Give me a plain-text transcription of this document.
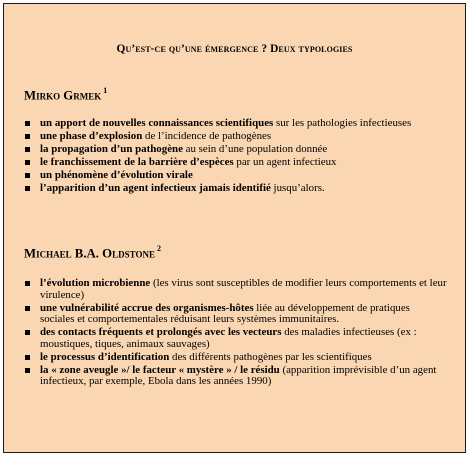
Qu’est-ce qu’une émergence ? Deux typologies
Mirko Grmek $^1$
un apport de nouvelles connaissances scientifiques sur les pathologies infectieuses
une phase d’explosion de l’incidence de pathogènes
la propagation d’un pathogène au sein d’une population donnée
le franchissement de la barrière d’espèces par un agent infectieux
un phénomène d’évolution virale
l’apparition d’un agent infectieux jamais identifié jusqu’alors.
Michael B.A. Oldstone $^2$
l’évolution microbienne (les virus sont susceptibles de modifier leurs comportements et leur virulence)
une vulnérabilité accrue des organismes-hôtes liée au développement de pratiques sociales et comportementales réduisant leurs systèmes immunitaires.
des contacts fréquents et prolongés avec les vecteurs des maladies infectieuses (ex : moustiques, tiques, animaux sauvages)
le processus d’identification des différents pathogènes par les scientifiques
la « zone aveugle »/ le facteur « mystère » / le résidu (apparition imprévisible d’un agent infectieux, par exemple, Ebola dans les années 1990)
